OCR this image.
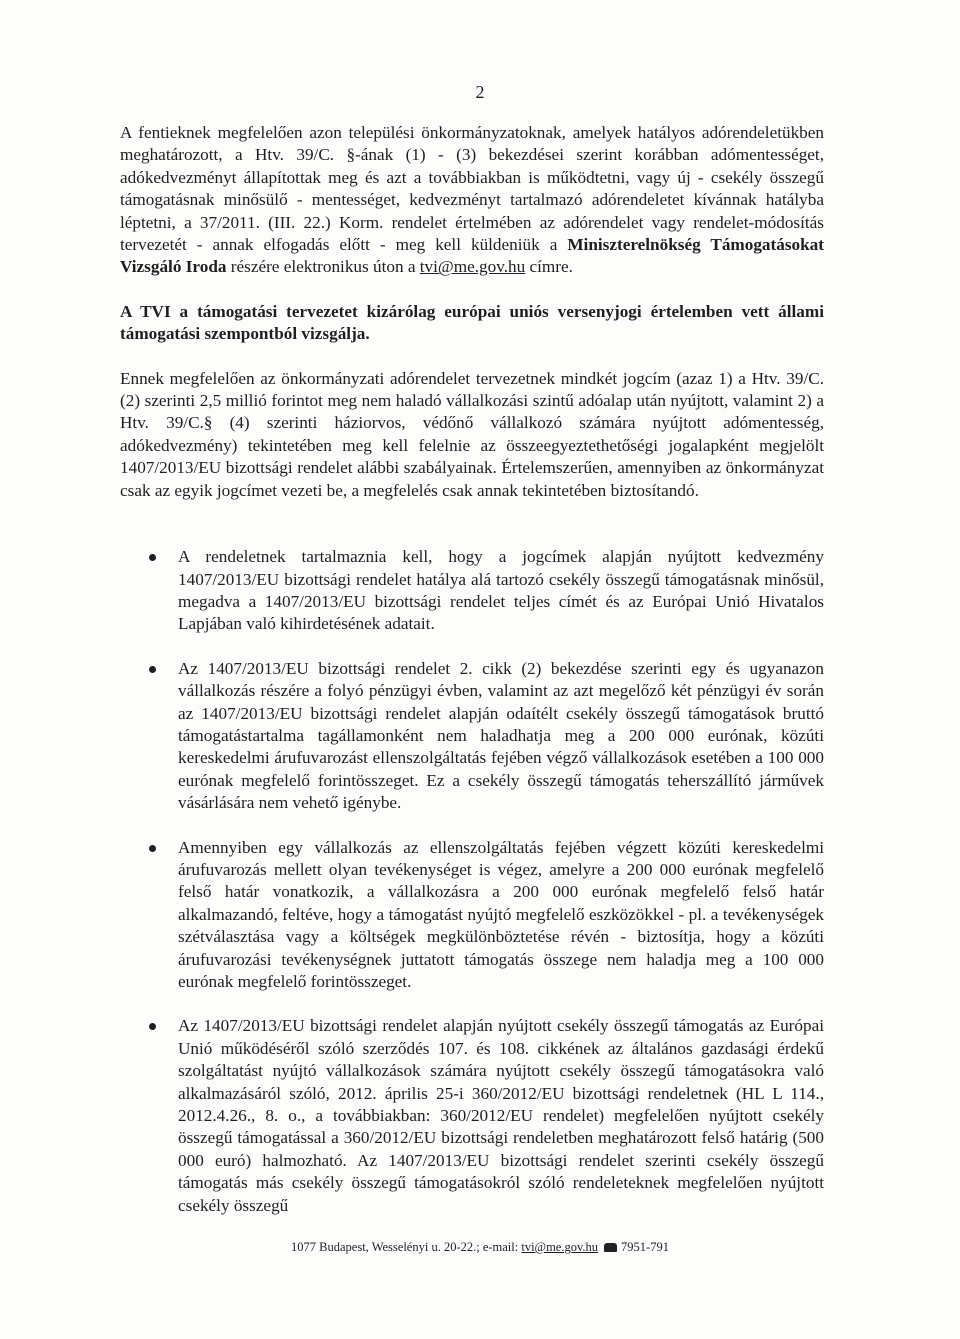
2

A fentieknek megfelelően azon települési önkormányzatoknak, amelyek hatályos adórendeletükben meghatározott, a Htv. 39/C. §-ának (1) - (3) bekezdései szerint korábban adómentességet, adókedvezményt állapítottak meg és azt a továbbiakban is működtetni, vagy új - csekély összegű támogatásnak minősülő - mentességet, kedvezményt tartalmazó adórendeletet kívánnak hatályba léptetni, a 37/2011. (III. 22.) Korm. rendelet értelmében az adórendelet vagy rendelet-módosítás tervezetét - annak elfogadás előtt - meg kell küldeniük a Miniszterelnökség Támogatásokat Vizsgáló Iroda részére elektronikus úton a tvi@me.gov.hu címre.

A TVI a támogatási tervezetet kizárólag európai uniós versenyjogi értelemben vett állami támogatási szempontból vizsgálja.

Ennek megfelelően az önkormányzati adórendelet tervezetnek mindkét jogcím (azaz 1) a Htv. 39/C. (2) szerinti 2,5 millió forintot meg nem haladó vállalkozási szintű adóalap után nyújtott, valamint 2) a Htv. 39/C.§ (4) szerinti háziorvos, védőnő vállalkozó számára nyújtott adómentesség, adókedvezmény) tekintetében meg kell felelnie az összeegyeztethetőségi jogalapként megjelölt 1407/2013/EU bizottsági rendelet alábbi szabályainak. Értelemszerűen, amennyiben az önkormányzat csak az egyik jogcímet vezeti be, a megfelelés csak annak tekintetében biztosítandó.

A rendeletnek tartalmaznia kell, hogy a jogcímek alapján nyújtott kedvezmény 1407/2013/EU bizottsági rendelet hatálya alá tartozó csekély összegű támogatásnak minősül, megadva a 1407/2013/EU bizottsági rendelet teljes címét és az Európai Unió Hivatalos Lapjában való kihirdetésének adatait.
Az 1407/2013/EU bizottsági rendelet 2. cikk (2) bekezdése szerinti egy és ugyanazon vállalkozás részére a folyó pénzügyi évben, valamint az azt megelőző két pénzügyi év során az 1407/2013/EU bizottsági rendelet alapján odaítélt csekély összegű támogatások bruttó támogatástartalma tagállamonként nem haladhatja meg a 200 000 eurónak, közúti kereskedelmi árufuvarozást ellenszolgáltatás fejében végző vállalkozások esetében a 100 000 eurónak megfelelő forintösszeget. Ez a csekély összegű támogatás teherszállító járművek vásárlására nem vehető igénybe.
Amennyiben egy vállalkozás az ellenszolgáltatás fejében végzett közúti kereskedelmi árufuvarozás mellett olyan tevékenységet is végez, amelyre a 200 000 eurónak megfelelő felső határ vonatkozik, a vállalkozásra a 200 000 eurónak megfelelő felső határ alkalmazandó, feltéve, hogy a támogatást nyújtó megfelelő eszközökkel - pl. a tevékenységek szétválasztása vagy a költségek megkülönböztetése révén - biztosítja, hogy a közúti árufuvarozási tevékenységnek juttatott támogatás összege nem haladja meg a 100 000 eurónak megfelelő forintösszeget.
Az 1407/2013/EU bizottsági rendelet alapján nyújtott csekély összegű támogatás az Európai Unió működéséről szóló szerződés 107. és 108. cikkének az általános gazdasági érdekű szolgáltatást nyújtó vállalkozások számára nyújtott csekély összegű támogatásokra való alkalmazásáról szóló, 2012. április 25-i 360/2012/EU bizottsági rendeletnek (HL L 114., 2012.4.26., 8. o., a továbbiakban: 360/2012/EU rendelet) megfelelően nyújtott csekély összegű támogatással a 360/2012/EU bizottsági rendeletben meghatározott felső határig (500 000 euró) halmozható. Az 1407/2013/EU bizottsági rendelet szerinti csekély összegű támogatás más csekély összegű támogatásokról szóló rendeleteknek megfelelően nyújtott csekély összegű
1077 Budapest, Wesselényi u. 20-22.; e-mail: tvi@me.gov.hu 7951-791
